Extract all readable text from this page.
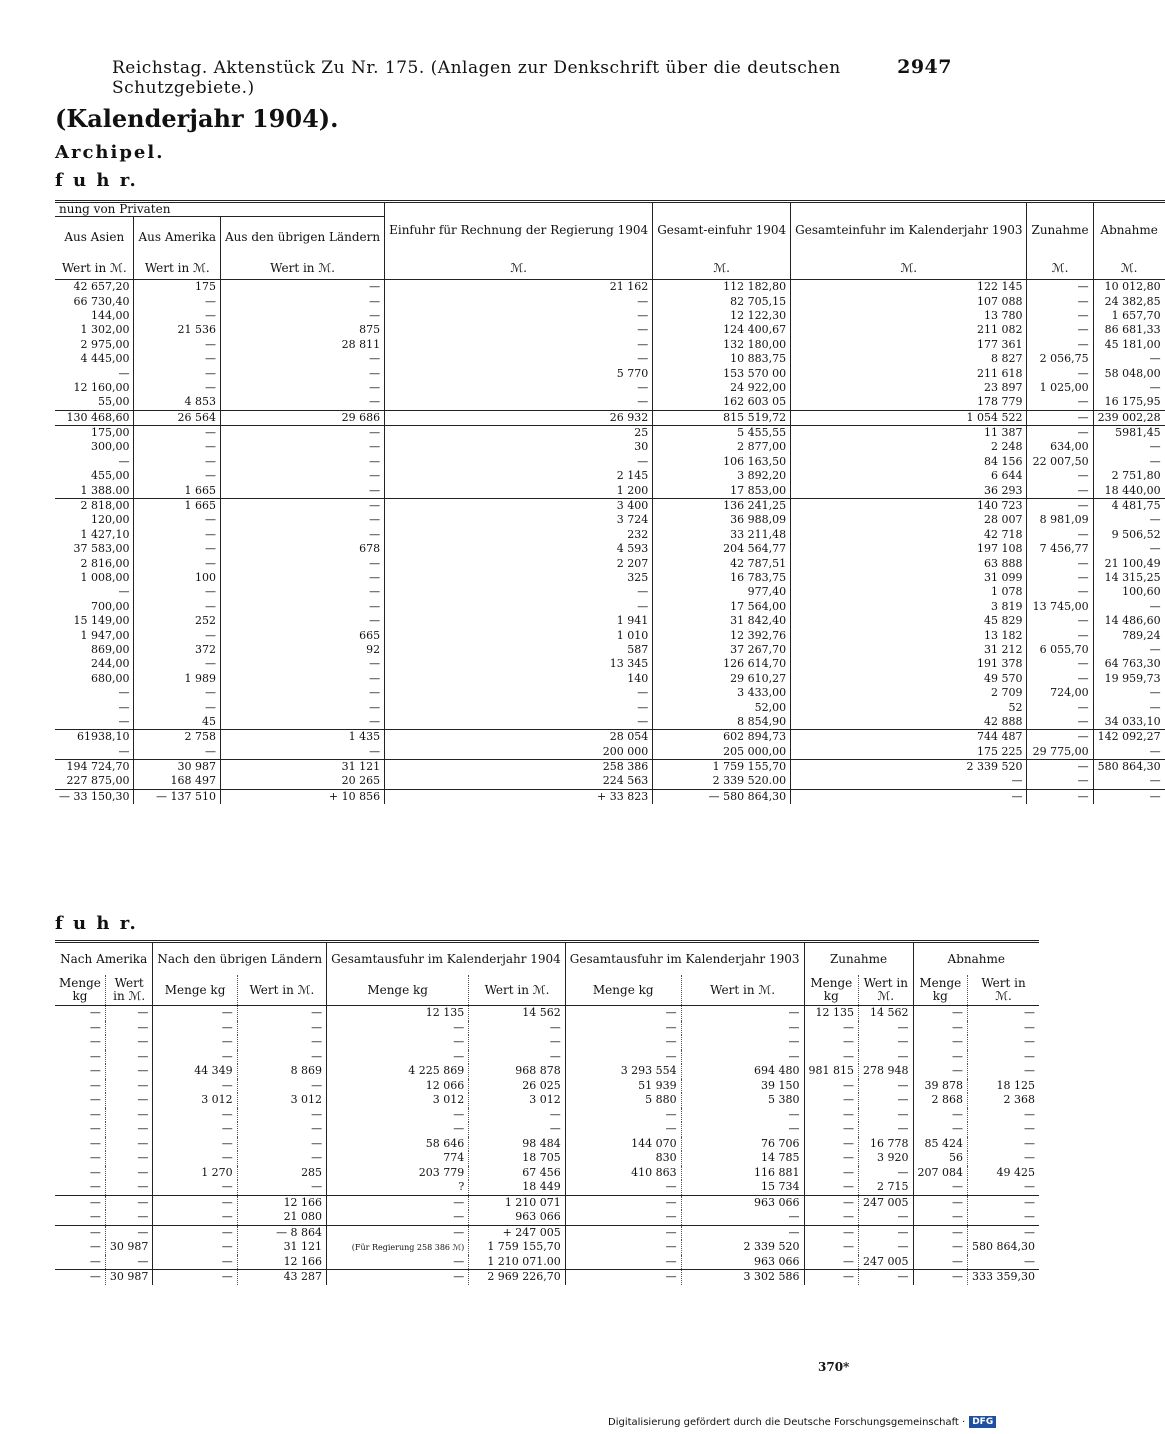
Reichstag. Aktenstück Zu Nr. 175. (Anlagen zur Denkschrift über die deutschen Schutzgebiete.)
2947
(Kalenderjahr 1904).
Archipel.
f u h r.
nung von Privaten			Einfuhr für Rechnung der Regierung 1904	Gesamt-einfuhr 1904	Gesamteinfuhr im Kalenderjahr 1903	Zunahme	Abnahme
Aus Asien	Aus Amerika	Aus den übrigen Ländern					
Wert in ℳ.	Wert in ℳ.	Wert in ℳ.	ℳ.	ℳ.	ℳ.	ℳ.	ℳ.
42 657,20	175	—	21 162	112 182,80	122 145	—	10 012,80
66 730,40	—	—	—	82 705,15	107 088	—	24 382,85
144,00	—	—	—	12 122,30	13 780	—	1 657,70
1 302,00	21 536	875	—	124 400,67	211 082	—	86 681,33
2 975,00	—	28 811	—	132 180,00	177 361	—	45 181,00
4 445,00	—	—	—	10 883,75	8 827	2 056,75	—
—	—	—	5 770	153 570 00	211 618	—	58 048,00
12 160,00	—	—	—	24 922,00	23 897	1 025,00	—
55,00	4 853	—	—	162 603 05	178 779	—	16 175,95
130 468,60	26 564	29 686	26 932	815 519,72	1 054 522	—	239 002,28
175,00	—	—	25	5 455,55	11 387	—	5981,45
300,00	—	—	30	2 877,00	2 248	634,00	—
—	—	—	—	106 163,50	84 156	22 007,50	—
455,00	—	—	2 145	3 892,20	6 644	—	2 751,80
1 388.00	1 665	—	1 200	17 853,00	36 293	—	18 440,00
2 818,00	1 665	—	3 400	136 241,25	140 723	—	4 481,75
120,00	—	—	3 724	36 988,09	28 007	8 981,09	—
1 427,10	—	—	232	33 211,48	42 718	—	9 506,52
37 583,00	—	678	4 593	204 564,77	197 108	7 456,77	—
2 816,00	—	—	2 207	42 787,51	63 888	—	21 100,49
1 008,00	100	—	325	16 783,75	31 099	—	14 315,25
—	—	—	—	977,40	1 078	—	100,60
700,00	—	—	—	17 564,00	3 819	13 745,00	—
15 149,00	252	—	1 941	31 842,40	45 829	—	14 486,60
1 947,00	—	665	1 010	12 392,76	13 182	—	789,24
869,00	372	92	587	37 267,70	31 212	6 055,70	—
244,00	—	—	13 345	126 614,70	191 378	—	64 763,30
680,00	1 989	—	140	29 610,27	49 570	—	19 959,73
—	—	—	—	3 433,00	2 709	724,00	—
—	—	—	—	52,00	52	—	—
—	45	—	—	8 854,90	42 888	—	34 033,10
61938,10	2 758	1 435	28 054	602 894,73	744 487	—	142 092,27
—	—	—	200 000	205 000,00	175 225	29 775,00	—
194 724,70	30 987	31 121	258 386	1 759 155,70	2 339 520	—	580 864,30
227 875,00	168 497	20 265	224 563	2 339 520.00	—	—	—
— 33 150,30	— 137 510	+ 10 856	+ 33 823	— 580 864,30	—	—	—
f u h r.
Nach Amerika		Nach den übrigen Ländern		Gesamtausfuhr im Kalenderjahr 1904		Gesamtausfuhr im Kalenderjahr 1903		Zunahme		Abnahme	
Menge kg	Wert in ℳ.	Menge kg	Wert in ℳ.	Menge kg	Wert in ℳ.	Menge kg	Wert in ℳ.	Menge kg	Wert in ℳ.	Menge kg	Wert in ℳ.
—	—	—	—	12 135	14 562	—	—	12 135	14 562	—	—
—	—	—	—	—	—	—	—	—	—	—	—
—	—	—	—	—	—	—	—	—	—	—	—
—	—	—	—	—	—	—	—	—	—	—	—
—	—	44 349	8 869	4 225 869	968 878	3 293 554	694 480	981 815	278 948	—	—
—	—	—	—	12 066	26 025	51 939	39 150	—	—	39 878	18 125
—	—	3 012	3 012	3 012	3 012	5 880	5 380	—	—	2 868	2 368
—	—	—	—	—	—	—	—	—	—	—	—
—	—	—	—	—	—	—	—	—	—	—	—
—	—	—	—	58 646	98 484	144 070	76 706	—	16 778	85 424	—
—	—	—	—	774	18 705	830	14 785	—	3 920	56	—
—	—	1 270	285	203 779	67 456	410 863	116 881	—	—	207 084	49 425
—	—	—	—	?	18 449	—	15 734	—	2 715	—	—
—	—	—	12 166	—	1 210 071	—	963 066	—	247 005	—	—
—	—	—	21 080	—	963 066	—	—	—	—	—	—
—	—	—	— 8 864	—	+ 247 005	—	—	—	—	—	—
—	30 987	—	31 121	(Für Regierung 258 386 ℳ)	1 759 155,70	—	2 339 520	—	—	—	580 864,30
—	—	—	12 166	—	1 210 071.00	—	963 066	—	247 005	—	—
—	30 987	—	43 287	—	2 969 226,70	—	3 302 586	—	—	—	333 359,30
370*
Digitalisierung gefördert durch die Deutsche Forschungsgemeinschaft · DFG
